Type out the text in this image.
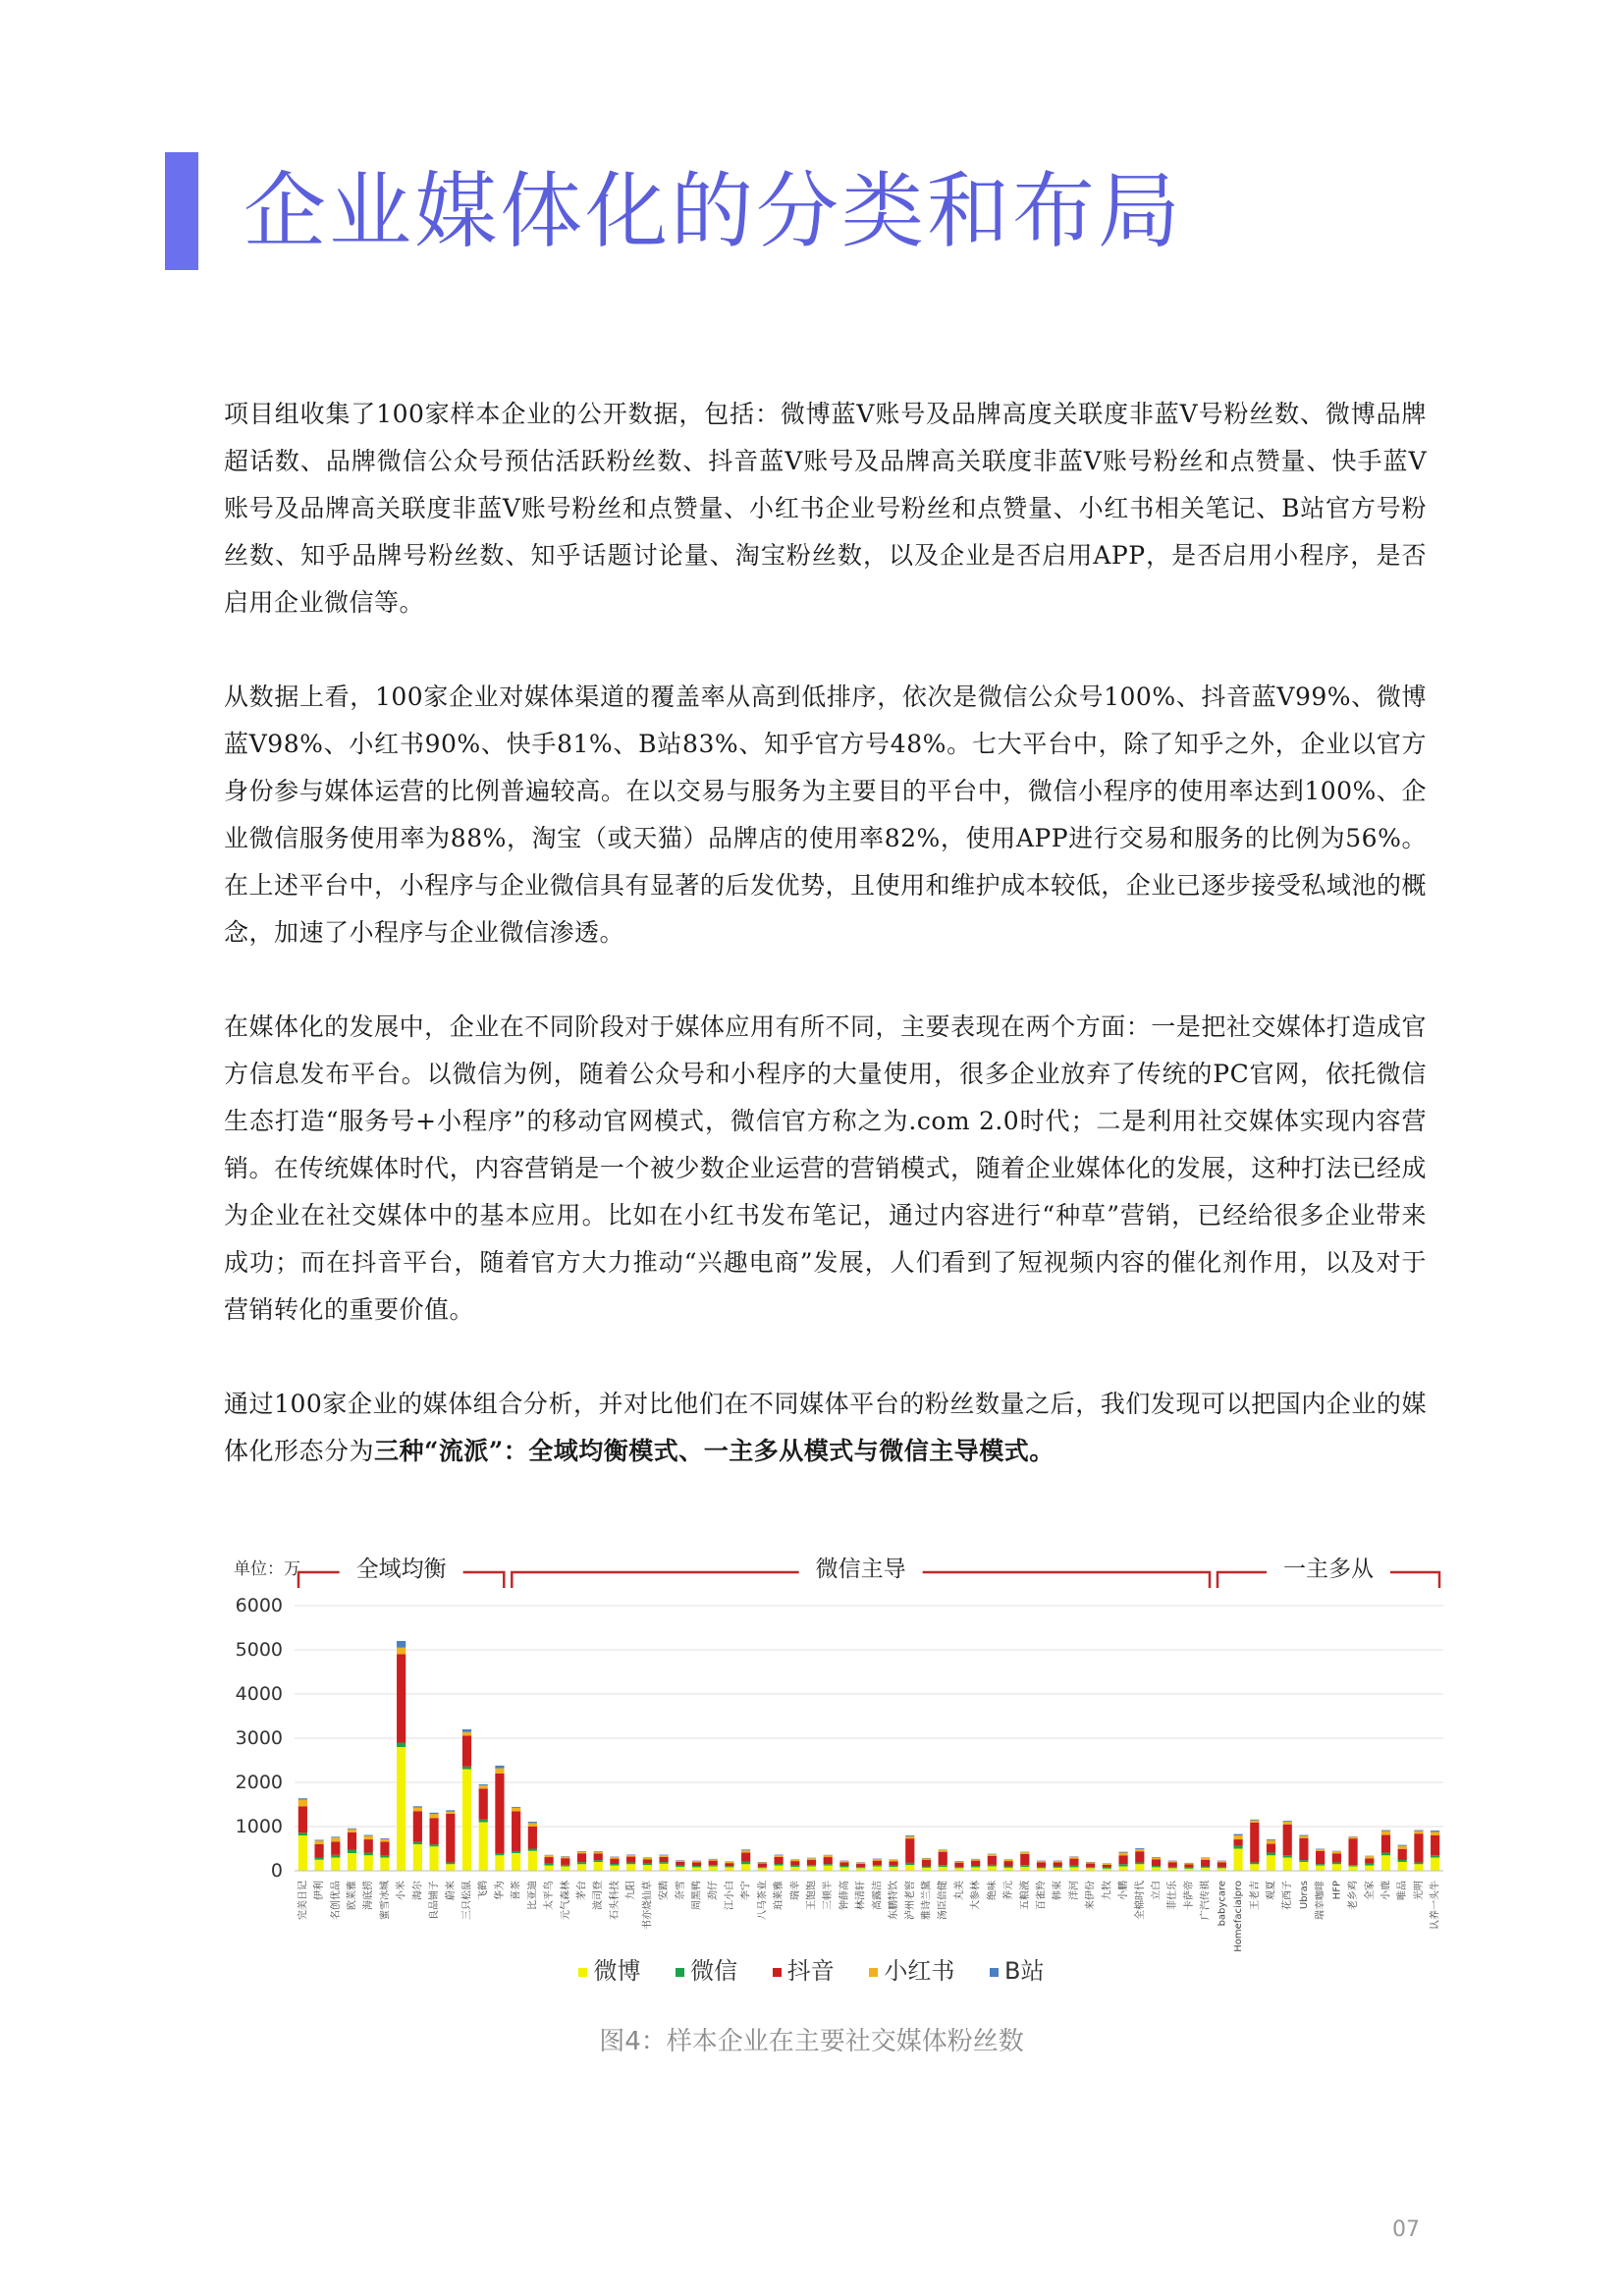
企业媒体化的分类和布局

项目组收集了100家样本企业的公开数据，包括：微博蓝V账号及品牌高度关联度非蓝V号粉丝数、微博品牌超话数、品牌微信公众号预估活跃粉丝数、抖音蓝V账号及品牌高关联度非蓝V账号粉丝和点赞量、快手蓝V账号及品牌高关联度非蓝V账号粉丝和点赞量、小红书企业号粉丝和点赞量、小红书相关笔记、B站官方号粉丝数、知乎品牌号粉丝数、知乎话题讨论量、淘宝粉丝数，以及企业是否启用APP，是否启用小程序，是否启用企业微信等。

从数据上看，100家企业对媒体渠道的覆盖率从高到低排序，依次是微信公众号100%、抖音蓝V99%、微博蓝V98%、小红书90%、快手81%、B站83%、知乎官方号48%。七大平台中，除了知乎之外，企业以官方身份参与媒体运营的比例普遍较高。在以交易与服务为主要目的平台中，微信小程序的使用率达到100%、企业微信服务使用率为88%，淘宝（或天猫）品牌店的使用率82%，使用APP进行交易和服务的比例为56%。在上述平台中，小程序与企业微信具有显著的后发优势，且使用和维护成本较低，企业已逐步接受私域池的概念，加速了小程序与企业微信渗透。

在媒体化的发展中，企业在不同阶段对于媒体应用有所不同，主要表现在两个方面：一是把社交媒体打造成官方信息发布平台。以微信为例，随着公众号和小程序的大量使用，很多企业放弃了传统的PC官网，依托微信生态打造“服务号+小程序”的移动官网模式，微信官方称之为.com 2.0时代；二是利用社交媒体实现内容营销。在传统媒体时代，内容营销是一个被少数企业运营的营销模式，随着企业媒体化的发展，这种打法已经成为企业在社交媒体中的基本应用。比如在小红书发布笔记，通过内容进行“种草”营销，已经给很多企业带来成功；而在抖音平台，随着官方大力推动“兴趣电商”发展，人们看到了短视频内容的催化剂作用，以及对于营销转化的重要价值。

通过100家企业的媒体组合分析，并对比他们在不同媒体平台的粉丝数量之后，我们发现可以把国内企业的媒体化形态分为三种“流派”：全域均衡模式、一主多从模式与微信主导模式。

单位：万
0
1000
2000
3000
4000
5000
6000
全域均衡	微信主导	一主多从
完美日记 伊利 名创优品 欧莱雅 海底捞 蜜雪冰城 小米 海尔 良品铺子 蔚来 三只松鼠 飞鹤 华为 喜茶 比亚迪 太平鸟 元气森林 茅台 波司登 石头科技 九阳 书亦烧仙草 安踏 奈雪 周黑鸭 劲仔 江小白 李宁 八马茶业 珀莱雅 瑞幸 王饱饱 三顿半 钟薛高 林清轩 高露洁 东鹏特饮 泸州老窖 雅诗兰黛 汤臣倍健 丸美 大参林 绝味 养元 五粮液 百雀羚 韩束 洋河 来伊份 九牧 小鹏 全棉时代 立白 菲仕乐 卡萨帝 广汽传祺 babycare Homefacialpro 王老吉 观夏 花西子 Ubras 瑞幸咖啡 HFP 老乡鸡 全家 小鹿 唯品 光明 认养一头牛
微博 微信 抖音 小红书 B站
图4：样本企业在主要社交媒体粉丝数
07
